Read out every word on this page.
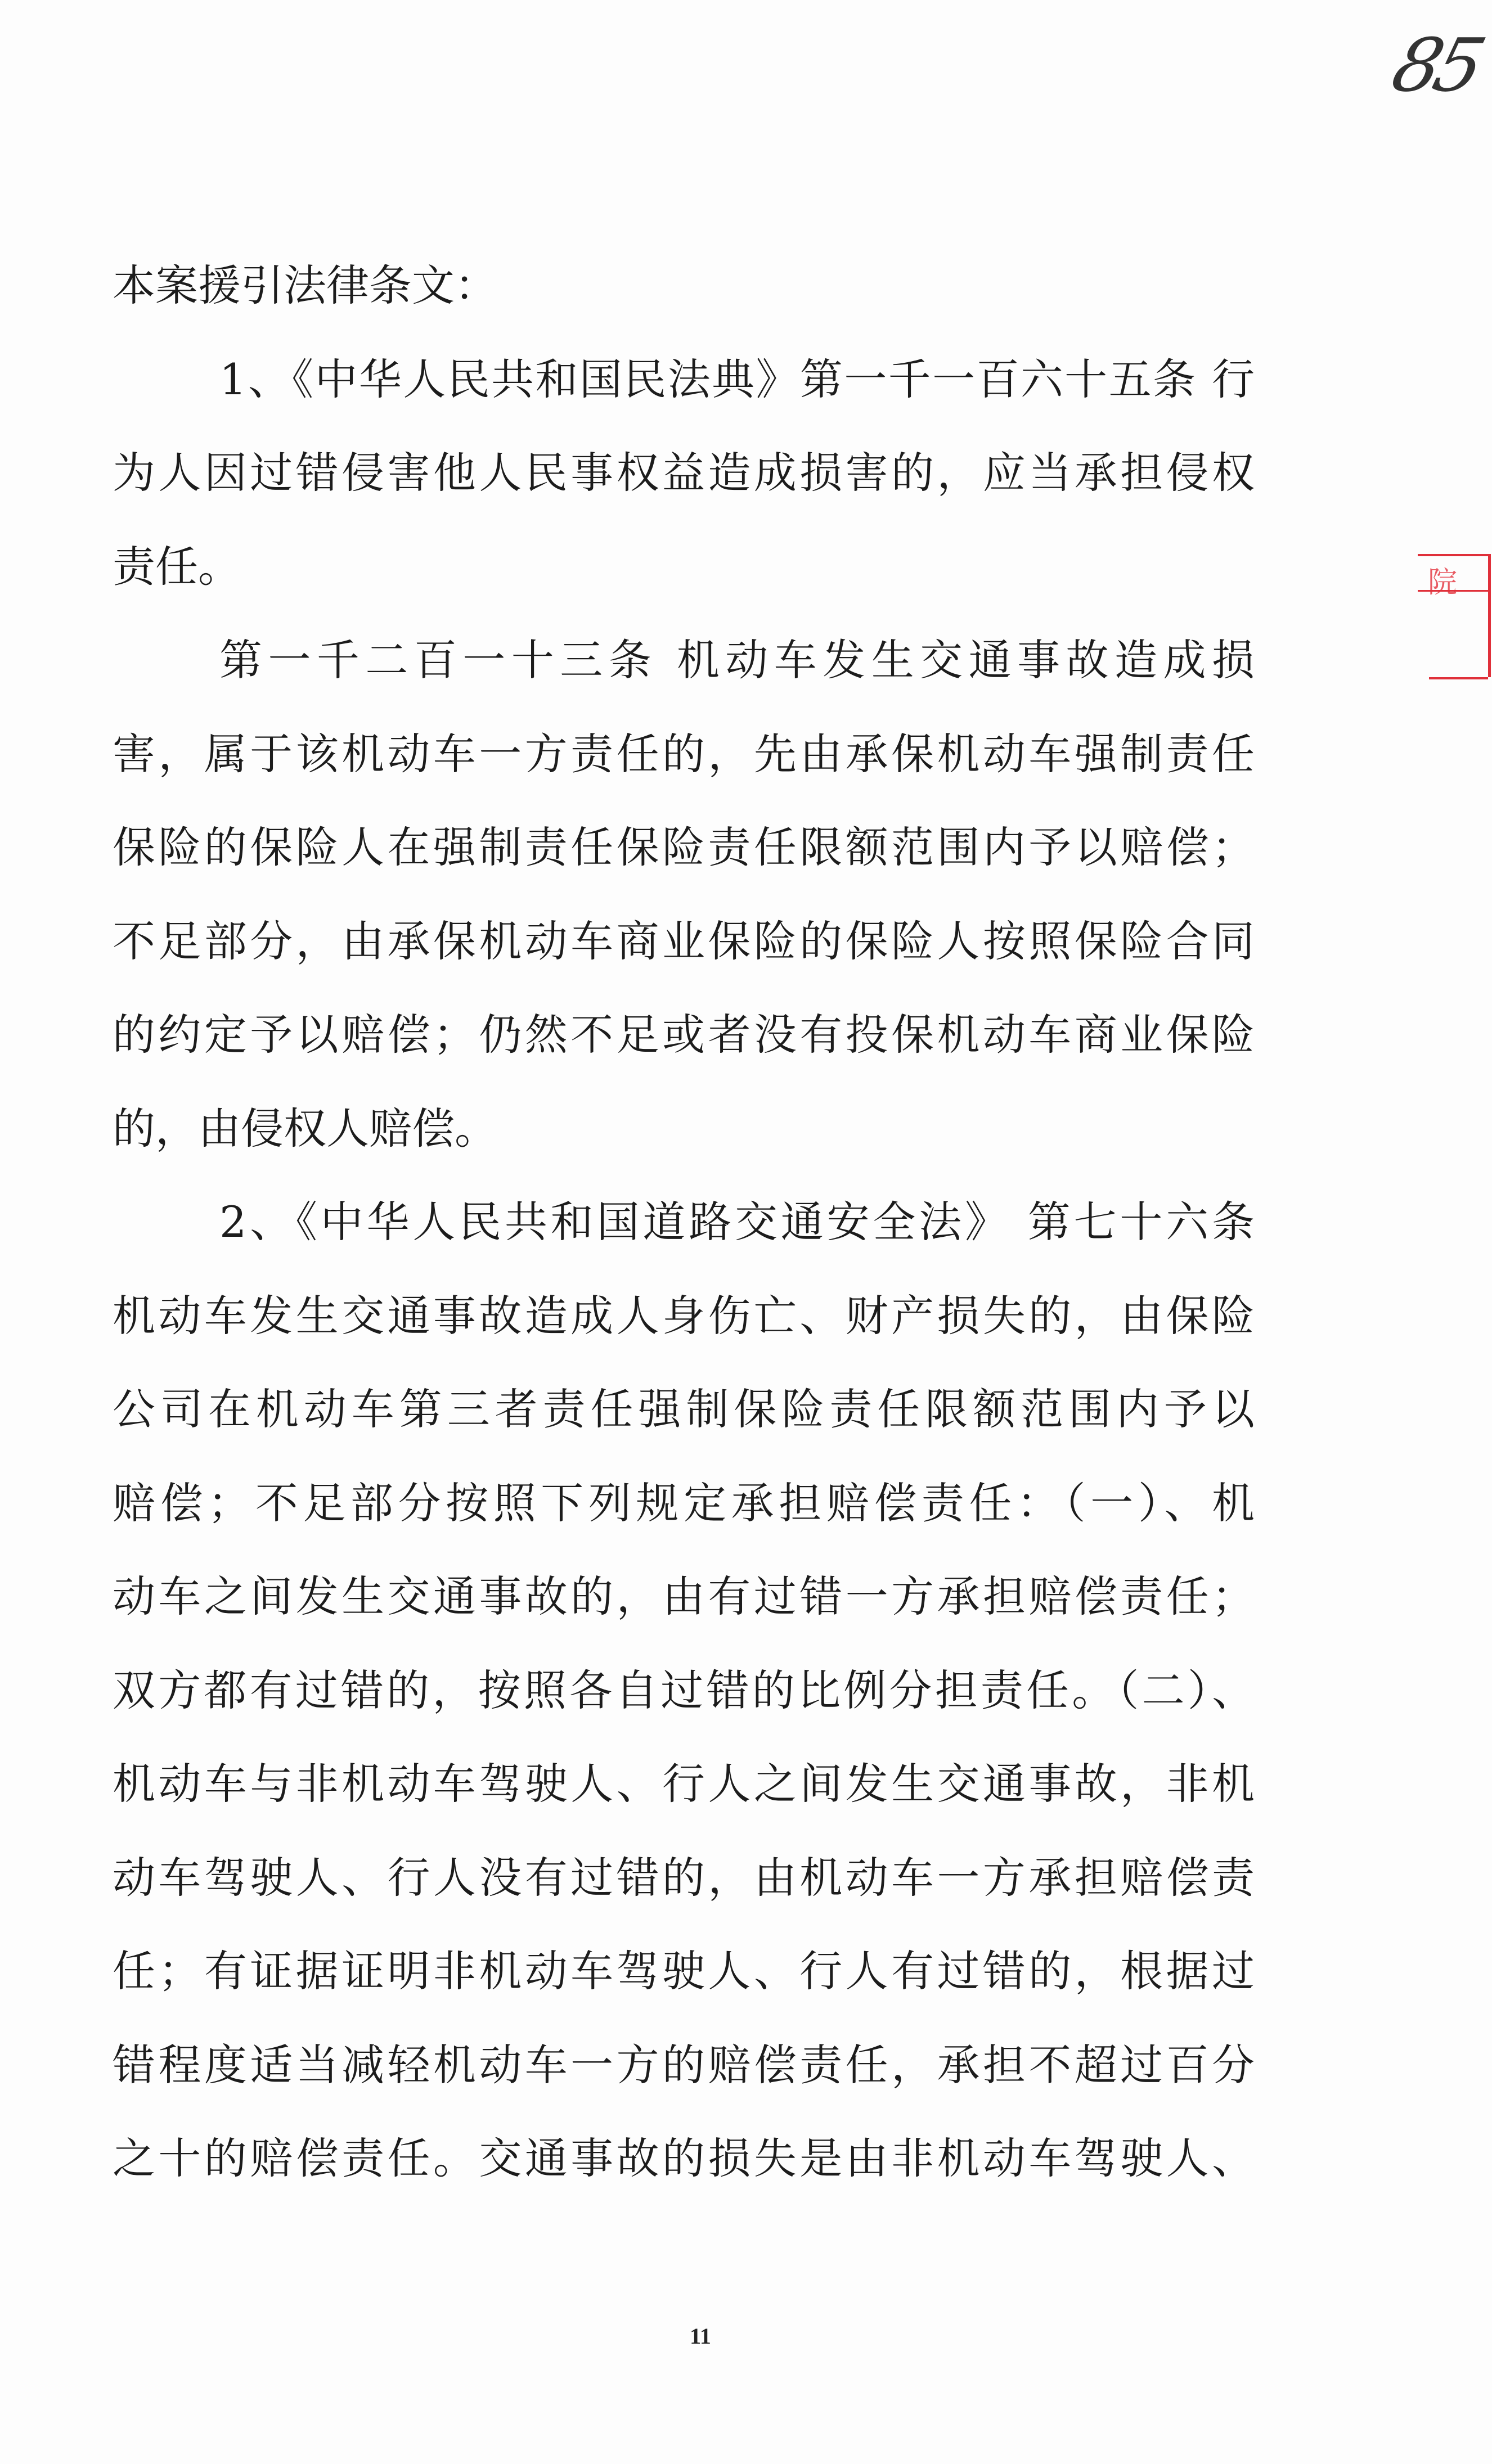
85
院
本案援引法律条文：
1、《中华人民共和国民法典》第一千一百六十五条 行
为人因过错侵害他人民事权益造成损害的，应当承担侵权
责任。
第一千二百一十三条 机动车发生交通事故造成损
害，属于该机动车一方责任的，先由承保机动车强制责任
保险的保险人在强制责任保险责任限额范围内予以赔偿；
不足部分，由承保机动车商业保险的保险人按照保险合同
的约定予以赔偿；仍然不足或者没有投保机动车商业保险
的，由侵权人赔偿。
2、《中华人民共和国道路交通安全法》 第七十六条
机动车发生交通事故造成人身伤亡、财产损失的，由保险
公司在机动车第三者责任强制保险责任限额范围内予以
赔偿；不足部分按照下列规定承担赔偿责任：（一）、机
动车之间发生交通事故的，由有过错一方承担赔偿责任；
双方都有过错的，按照各自过错的比例分担责任。（二）、
机动车与非机动车驾驶人、行人之间发生交通事故，非机
动车驾驶人、行人没有过错的，由机动车一方承担赔偿责
任；有证据证明非机动车驾驶人、行人有过错的，根据过
错程度适当减轻机动车一方的赔偿责任，承担不超过百分
之十的赔偿责任。交通事故的损失是由非机动车驾驶人、
11
